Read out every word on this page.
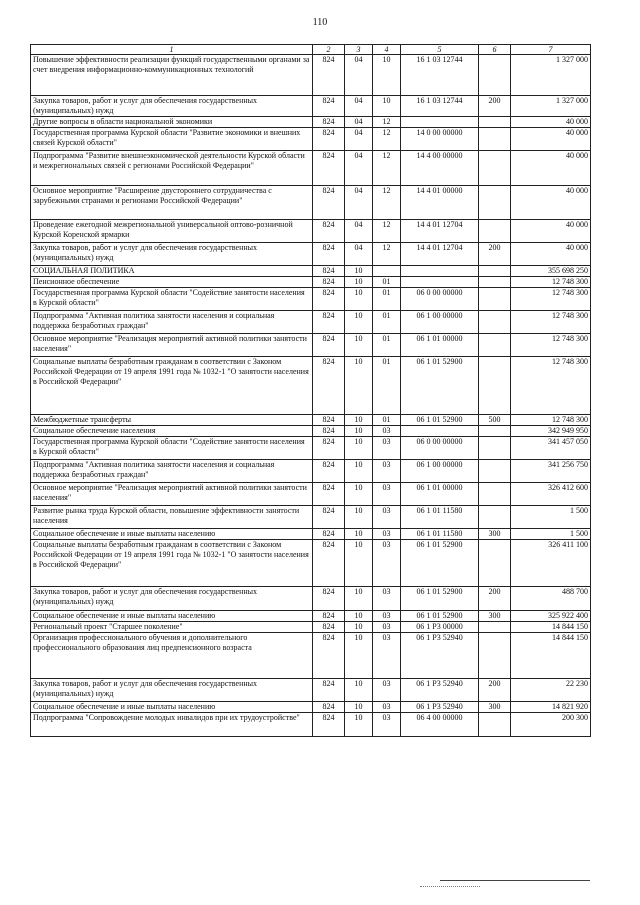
110
1	2	3	4	5	6	7
Повышение эффективности реализации функций государственными органами за счет внедрения информационно-коммуникационных технологий	824	04	10	16 1 03 12744		1 327 000
Закупка товаров, работ и услуг для обеспечения государственных (муниципальных) нужд	824	04	10	16 1 03 12744	200	1 327 000
Другие вопросы в области национальной экономики	824	04	12			40 000
Государственная программа Курской области "Развитие экономики и внешних связей Курской области"	824	04	12	14 0 00 00000		40 000
Подпрограмма "Развитие внешнеэкономической деятельности Курской области и межрегиональных связей с регионами Российской Федерации"	824	04	12	14 4 00 00000		40 000
Основное мероприятие "Расширение двустороннего сотрудничества с зарубежными странами и регионами Российской Федерации"	824	04	12	14 4 01 00000		40 000
Проведение ежегодной межрегиональной универсальной оптово-розничной Курской Коренской ярмарки	824	04	12	14 4 01 12704		40 000
Закупка товаров, работ и услуг для обеспечения государственных (муниципальных) нужд	824	04	12	14 4 01 12704	200	40 000
СОЦИАЛЬНАЯ ПОЛИТИКА	824	10				355 698 250
Пенсионное обеспечение	824	10	01			12 748 300
Государственная программа Курской области "Содействие занятости населения в Курской области"	824	10	01	06 0 00 00000		12 748 300
Подпрограмма "Активная политика занятости населения и социальная поддержка безработных граждан"	824	10	01	06 1 00 00000		12 748 300
Основное мероприятие "Реализация мероприятий активной политики занятости населения"	824	10	01	06 1 01 00000		12 748 300
Социальные выплаты безработным гражданам в соответствии с Законом Российской Федерации от 19 апреля 1991 года № 1032-1 "О занятости населения в Российской Федерации"	824	10	01	06 1 01 52900		12 748 300
Межбюджетные трансферты	824	10	01	06 1 01 52900	500	12 748 300
Социальное обеспечение населения	824	10	03			342 949 950
Государственная программа Курской области "Содействие занятости населения в Курской области"	824	10	03	06 0 00 00000		341 457 050
Подпрограмма "Активная политика занятости населения и социальная поддержка безработных граждан"	824	10	03	06 1 00 00000		341 256 750
Основное мероприятие "Реализация мероприятий активной политики занятости населения"	824	10	03	06 1 01 00000		326 412 600
Развитие рынка труда Курской области, повышение эффективности занятости населения	824	10	03	06 1 01 11580		1 500
Социальное обеспечение и иные выплаты населению	824	10	03	06 1 01 11580	300	1 500
Социальные выплаты безработным гражданам в соответствии с Законом Российской Федерации от 19 апреля 1991 года № 1032-1 "О занятости населения в Российской Федерации"	824	10	03	06 1 01 52900		326 411 100
Закупка товаров, работ и услуг для обеспечения государственных (муниципальных) нужд	824	10	03	06 1 01 52900	200	488 700
Социальное обеспечение и иные выплаты населению	824	10	03	06 1 01 52900	300	325 922 400
Региональный проект "Старшее поколение"	824	10	03	06 1 P3 00000		14 844 150
Организация профессионального обучения и дополнительного профессионального образования лиц предпенсионного возраста	824	10	03	06 1 P3 52940		14 844 150
Закупка товаров, работ и услуг для обеспечения государственных (муниципальных) нужд	824	10	03	06 1 P3 52940	200	22 230
Социальное обеспечение и иные выплаты населению	824	10	03	06 1 P3 52940	300	14 821 920
Подпрограмма "Сопровождение молодых инвалидов при их трудоустройстве"	824	10	03	06 4 00 00000		200 300
